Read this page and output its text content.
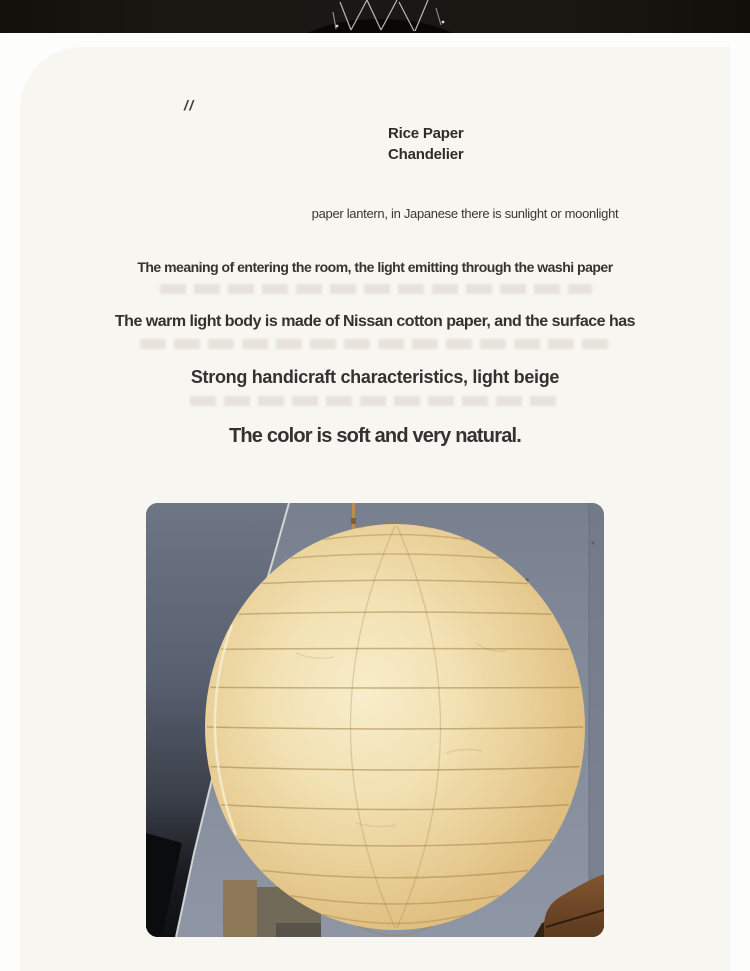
//
Rice Paper
Chandelier
paper lantern, in Japanese there is sunlight or moonlight
The meaning of entering the room, the light emitting through the washi paper
The warm light body is made of Nissan cotton paper, and the surface has
Strong handicraft characteristics, light beige
The color is soft and very natural.
